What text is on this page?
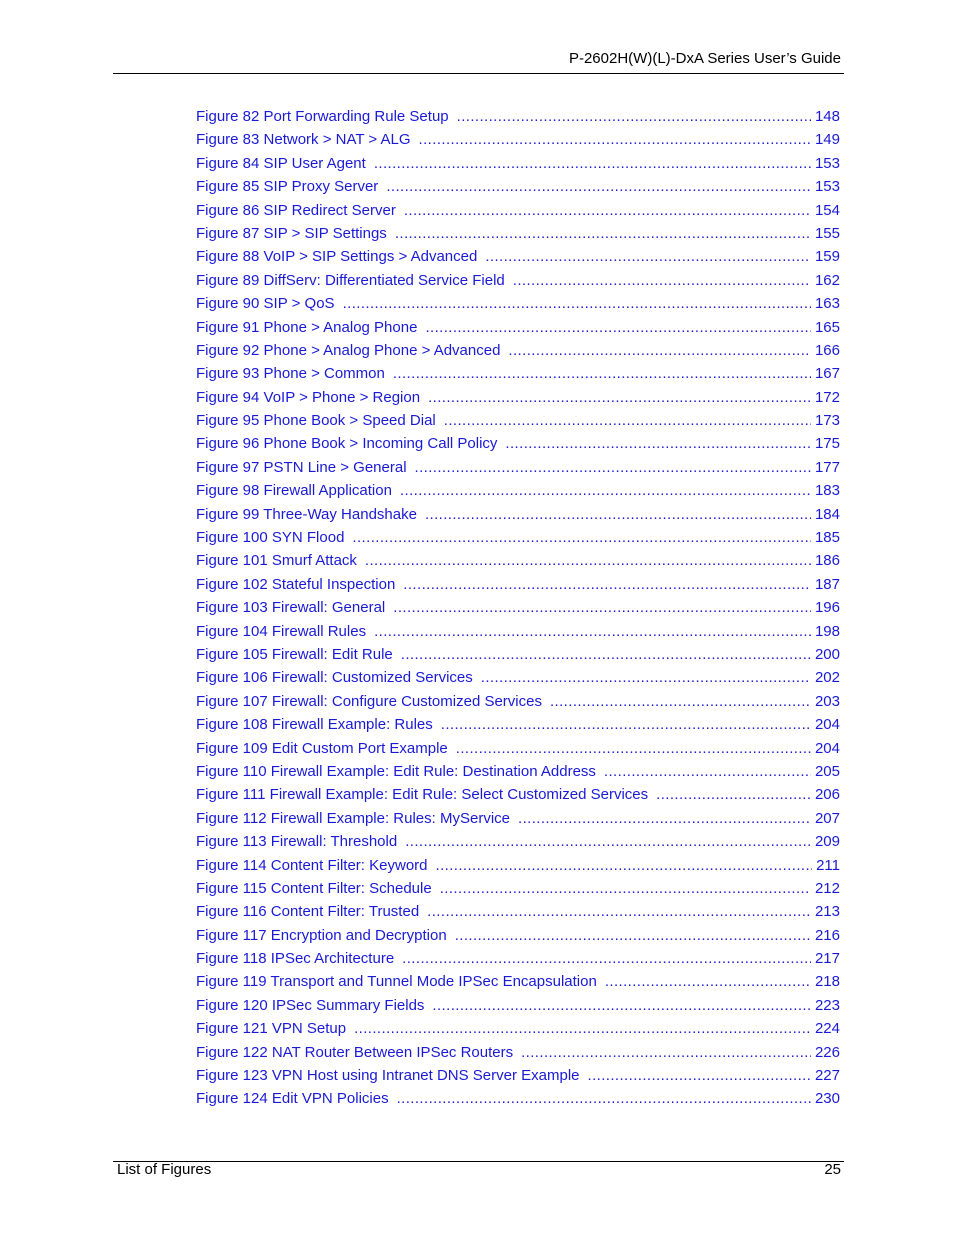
P-2602H(W)(L)-DxA Series User’s Guide
Figure 82 Port Forwarding Rule Setup .....	148
Figure 83 Network > NAT > ALG .....	149
Figure 84 SIP User Agent .....	153
Figure 85 SIP Proxy Server .....	153
Figure 86 SIP Redirect Server .....	154
Figure 87 SIP > SIP Settings .....	155
Figure 88 VoIP > SIP Settings > Advanced .....	159
Figure 89 DiffServ: Differentiated Service Field .....	162
Figure 90 SIP > QoS .....	163
Figure 91 Phone > Analog Phone .....	165
Figure 92 Phone > Analog Phone > Advanced .....	166
Figure 93 Phone > Common .....	167
Figure 94 VoIP > Phone > Region .....	172
Figure 95 Phone Book > Speed Dial .....	173
Figure 96 Phone Book > Incoming Call Policy .....	175
Figure 97 PSTN Line > General .....	177
Figure 98 Firewall Application .....	183
Figure 99 Three-Way Handshake .....	184
Figure 100 SYN Flood .....	185
Figure 101 Smurf Attack .....	186
Figure 102 Stateful Inspection .....	187
Figure 103 Firewall: General .....	196
Figure 104 Firewall Rules .....	198
Figure 105 Firewall: Edit Rule .....	200
Figure 106 Firewall: Customized Services .....	202
Figure 107 Firewall: Configure Customized Services .....	203
Figure 108 Firewall Example: Rules .....	204
Figure 109 Edit Custom Port Example .....	204
Figure 110 Firewall Example: Edit Rule: Destination Address .....	205
Figure 111 Firewall Example: Edit Rule: Select Customized Services .....	206
Figure 112 Firewall Example: Rules: MyService .....	207
Figure 113 Firewall: Threshold .....	209
Figure 114 Content Filter: Keyword .....	211
Figure 115 Content Filter: Schedule .....	212
Figure 116 Content Filter: Trusted .....	213
Figure 117 Encryption and Decryption .....	216
Figure 118 IPSec Architecture .....	217
Figure 119 Transport and Tunnel Mode IPSec Encapsulation .....	218
Figure 120 IPSec Summary Fields .....	223
Figure 121 VPN Setup .....	224
Figure 122 NAT Router Between IPSec Routers .....	226
Figure 123 VPN Host using Intranet DNS Server Example .....	227
Figure 124 Edit VPN Policies .....	230
List of Figures	25
